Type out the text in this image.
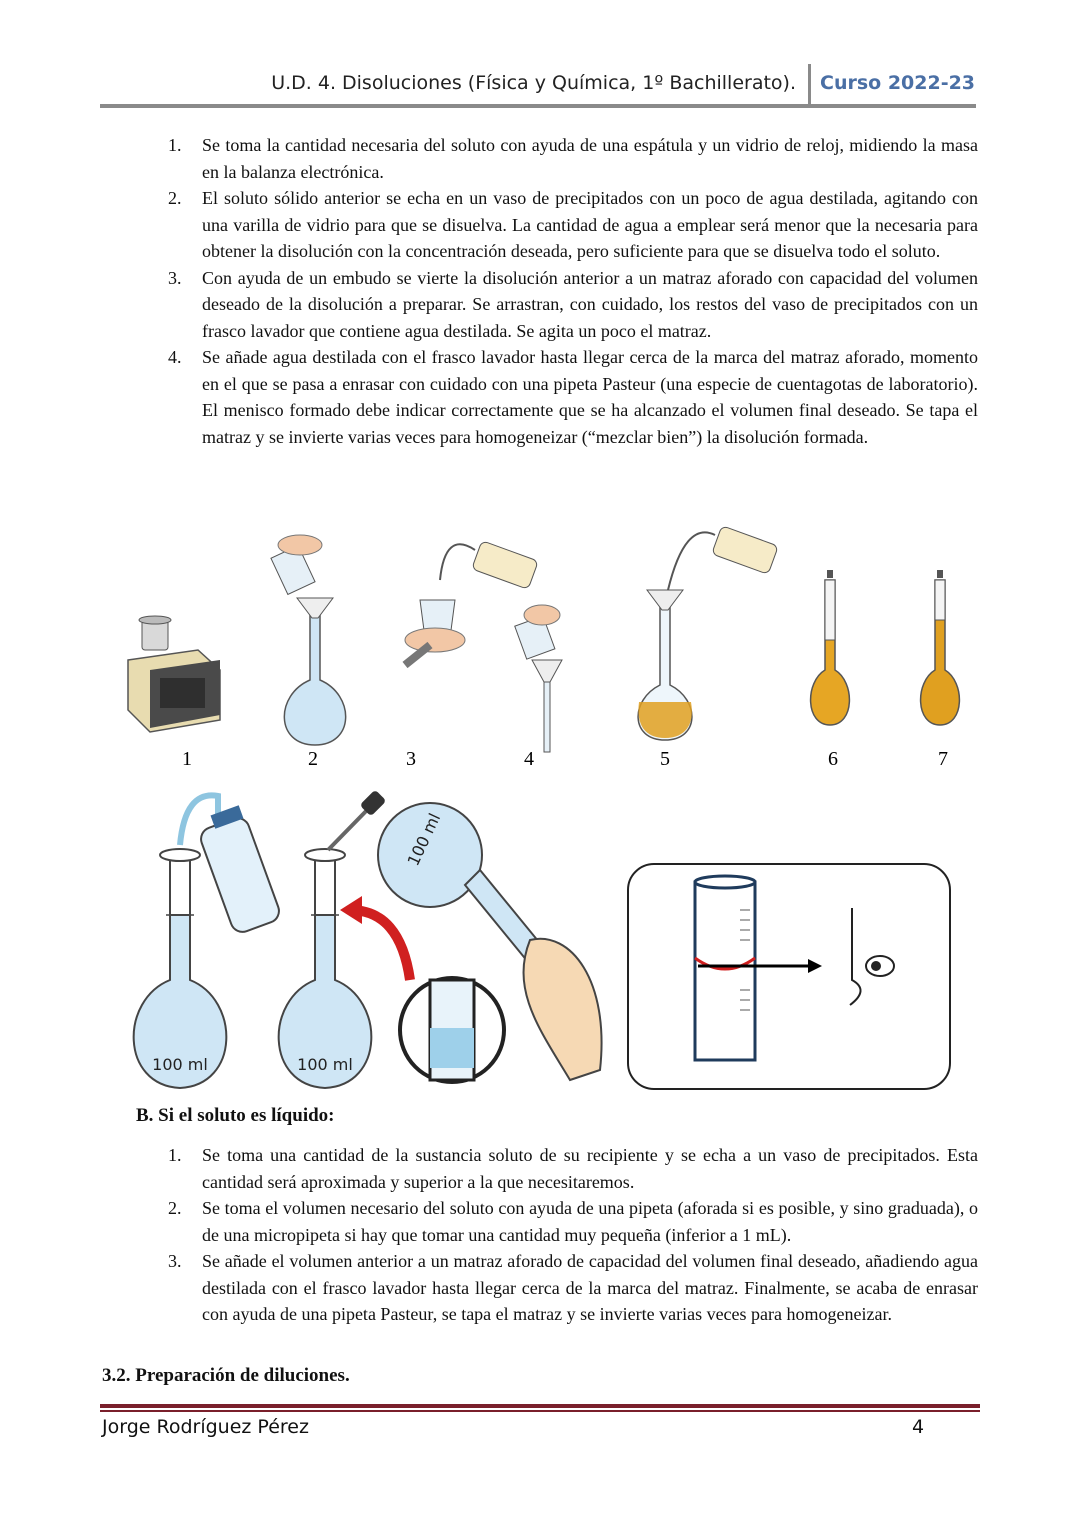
U.D. 4. Disoluciones (Física y Química, 1º Bachillerato). Curso 2022-23
1. Se toma la cantidad necesaria del soluto con ayuda de una espátula y un vidrio de reloj, midiendo la masa en la balanza electrónica.
2. El soluto sólido anterior se echa en un vaso de precipitados con un poco de agua destilada, agitando con una varilla de vidrio para que se disuelva. La cantidad de agua a emplear será menor que la necesaria para obtener la disolución con la concentración deseada, pero suficiente para que se disuelva todo el soluto.
3. Con ayuda de un embudo se vierte la disolución anterior a un matraz aforado con capacidad del volumen deseado de la disolución a preparar. Se arrastran, con cuidado, los restos del vaso de precipitados con un frasco lavador que contiene agua destilada. Se agita un poco el matraz.
4. Se añade agua destilada con el frasco lavador hasta llegar cerca de la marca del matraz aforado, momento en el que se pasa a enrasar con cuidado con una pipeta Pasteur (una especie de cuentagotas de laboratorio). El menisco formado debe indicar correctamente que se ha alcanzado el volumen final deseado. Se tapa el matraz y se invierte varias veces para homogeneizar (“mezclar bien”) la disolución formada.
1	2	3	4	5	6	7
100 ml	100 ml
100 ml
B. Si el soluto es líquido:
1. Se toma una cantidad de la sustancia soluto de su recipiente y se echa a un vaso de precipitados. Esta cantidad será aproximada y superior a la que necesitaremos.
2. Se toma el volumen necesario del soluto con ayuda de una pipeta (aforada si es posible, y sino graduada), o de una micropipeta si hay que tomar una cantidad muy pequeña (inferior a 1 mL).
3. Se añade el volumen anterior a un matraz aforado de capacidad del volumen final deseado, añadiendo agua destilada con el frasco lavador hasta llegar cerca de la marca del matraz. Finalmente, se acaba de enrasar con ayuda de una pipeta Pasteur, se tapa el matraz y se invierte varias veces para homogeneizar.
3.2. Preparación de diluciones.
Jorge Rodríguez Pérez	4
